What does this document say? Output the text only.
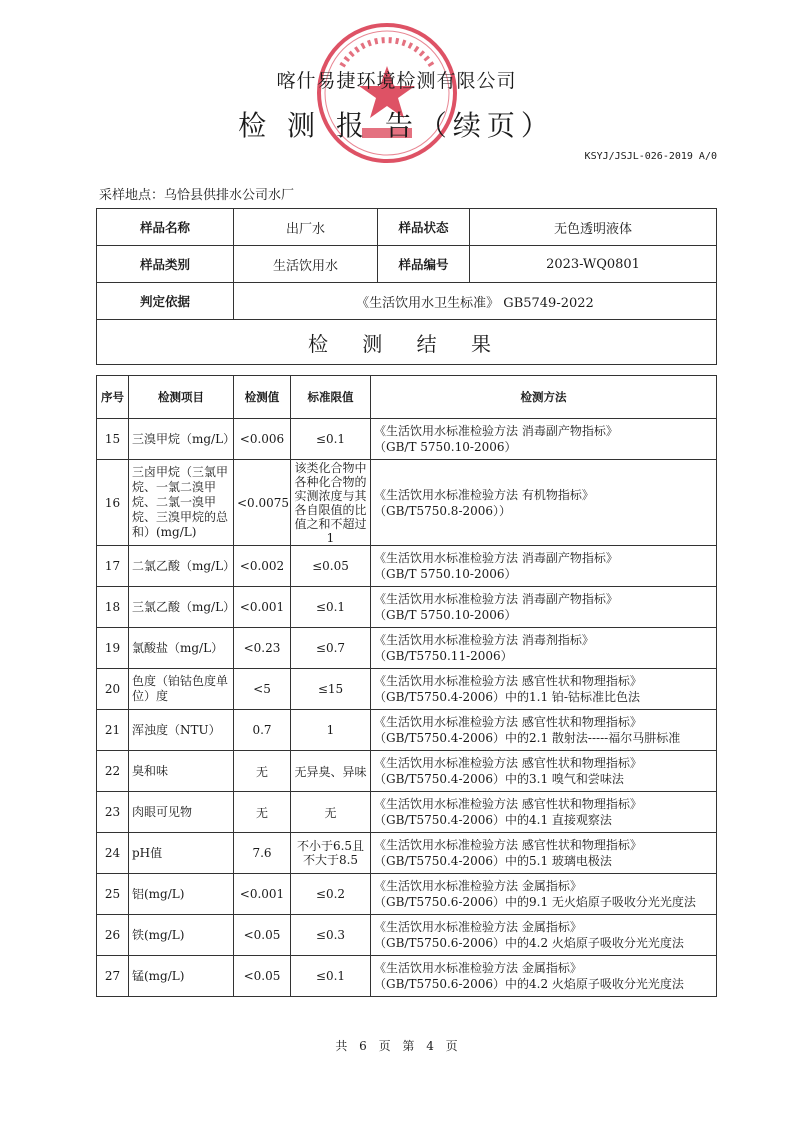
喀什易捷环境检测有限公司
检 测 报 告（续页）
KSYJ/JSJL-026-2019 A/0
采样地点：乌恰县供排水公司水厂
样品名称	出厂水	样品状态	无色透明液体
样品类别	生活饮用水	样品编号	2023-WQ0801
判定依据	《生活饮用水卫生标准》 GB5749-2022		
检 测 结 果			
序号	检测项目	检测值	标准限值	检测方法
15	三溴甲烷（mg/L）	<0.006	≤0.1	《生活饮用水标准检验方法 消毒副产物指标》
（GB/T 5750.10-2006）

16	三卤甲烷（三氯甲烷、一氯二溴甲烷、二氯一溴甲烷、三溴甲烷的总和）(mg/L)	<0.0075	该类化合物中各种化合物的实测浓度与其各自限值的比值之和不超过1	《生活饮用水标准检验方法 有机物指标》
（GB/T5750.8-2006））

17	二氯乙酸（mg/L）	<0.002	≤0.05	《生活饮用水标准检验方法 消毒副产物指标》
（GB/T 5750.10-2006）

18	三氯乙酸（mg/L）	<0.001	≤0.1	《生活饮用水标准检验方法 消毒副产物指标》
（GB/T 5750.10-2006）

19	氯酸盐（mg/L）	<0.23	≤0.7	《生活饮用水标准检验方法 消毒剂指标》
（GB/T5750.11-2006）

20	色度（铂钴色度单位）度	<5	≤15	《生活饮用水标准检验方法 感官性状和物理指标》
（GB/T5750.4-2006）中的1.1 铂-钴标准比色法

21	浑浊度（NTU）	0.7	1	《生活饮用水标准检验方法 感官性状和物理指标》
（GB/T5750.4-2006）中的2.1 散射法-----福尔马肼标准

22	臭和味	无	无异臭、异味	《生活饮用水标准检验方法 感官性状和物理指标》
（GB/T5750.4-2006）中的3.1 嗅气和尝味法

23	肉眼可见物	无	无	《生活饮用水标准检验方法 感官性状和物理指标》
（GB/T5750.4-2006）中的4.1 直接观察法

24	pH值	7.6	不小于6.5且不大于8.5	《生活饮用水标准检验方法 感官性状和物理指标》
（GB/T5750.4-2006）中的5.1 玻璃电极法

25	铝(mg/L)	<0.001	≤0.2	《生活饮用水标准检验方法 金属指标》
（GB/T5750.6-2006）中的9.1 无火焰原子吸收分光光度法

26	铁(mg/L)	<0.05	≤0.3	《生活饮用水标准检验方法 金属指标》
（GB/T5750.6-2006）中的4.2 火焰原子吸收分光光度法

27	锰(mg/L)	<0.05	≤0.1	《生活饮用水标准检验方法 金属指标》
（GB/T5750.6-2006）中的4.2 火焰原子吸收分光光度法
共 6 页 第 4 页
